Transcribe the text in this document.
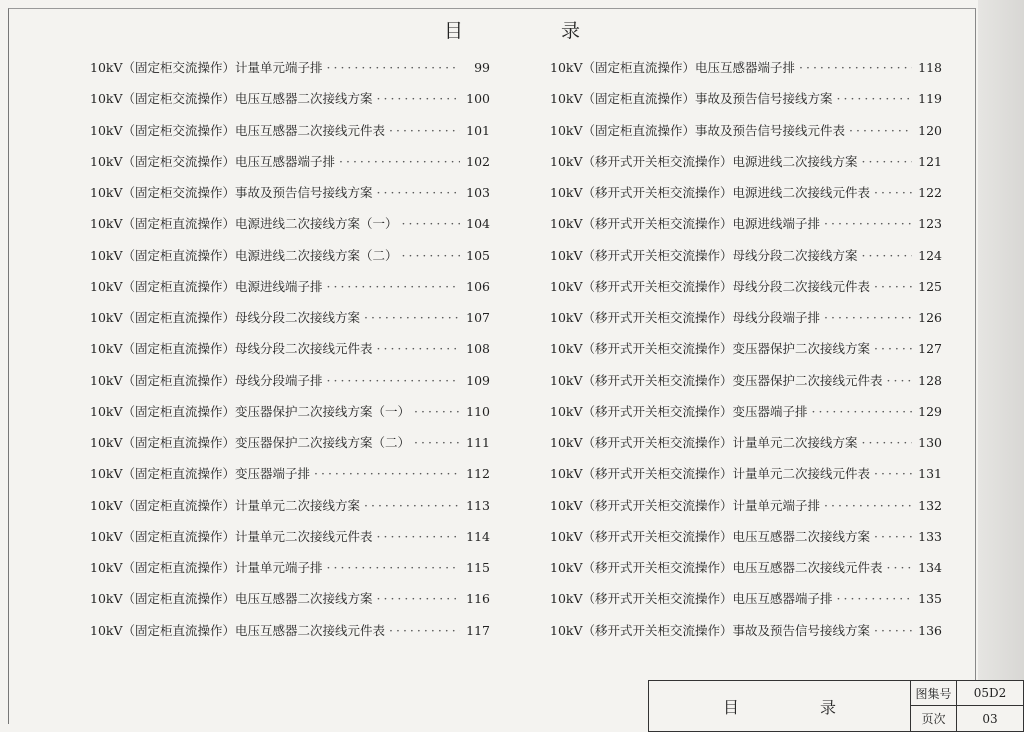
目 录
10kV（固定柜交流操作）计量单元端子排 ·····	99
10kV（固定柜交流操作）电压互感器二次接线方案 ·····	100
10kV（固定柜交流操作）电压互感器二次接线元件表 ·····	101
10kV（固定柜交流操作）电压互感器端子排 ·····	102
10kV（固定柜交流操作）事故及预告信号接线方案 ·····	103
10kV（固定柜直流操作）电源进线二次接线方案（一） ·····	104
10kV（固定柜直流操作）电源进线二次接线方案（二） ·····	105
10kV（固定柜直流操作）电源进线端子排 ·····	106
10kV（固定柜直流操作）母线分段二次接线方案 ·····	107
10kV（固定柜直流操作）母线分段二次接线元件表 ·····	108
10kV（固定柜直流操作）母线分段端子排 ·····	109
10kV（固定柜直流操作）变压器保护二次接线方案（一） ·····	110
10kV（固定柜直流操作）变压器保护二次接线方案（二） ·····	111
10kV（固定柜直流操作）变压器端子排 ·····	112
10kV（固定柜直流操作）计量单元二次接线方案 ·····	113
10kV（固定柜直流操作）计量单元二次接线元件表 ·····	114
10kV（固定柜直流操作）计量单元端子排 ·····	115
10kV（固定柜直流操作）电压互感器二次接线方案 ·····	116
10kV（固定柜直流操作）电压互感器二次接线元件表 ·····	117
10kV（固定柜直流操作）电压互感器端子排 ·····	118
10kV（固定柜直流操作）事故及预告信号接线方案 ·····	119
10kV（固定柜直流操作）事故及预告信号接线元件表 ·····	120
10kV（移开式开关柜交流操作）电源进线二次接线方案 ·····	121
10kV（移开式开关柜交流操作）电源进线二次接线元件表 ·····	122
10kV（移开式开关柜交流操作）电源进线端子排 ·····	123
10kV（移开式开关柜交流操作）母线分段二次接线方案 ·····	124
10kV（移开式开关柜交流操作）母线分段二次接线元件表 ·····	125
10kV（移开式开关柜交流操作）母线分段端子排 ·····	126
10kV（移开式开关柜交流操作）变压器保护二次接线方案 ·····	127
10kV（移开式开关柜交流操作）变压器保护二次接线元件表 ·····	128
10kV（移开式开关柜交流操作）变压器端子排 ·····	129
10kV（移开式开关柜交流操作）计量单元二次接线方案 ·····	130
10kV（移开式开关柜交流操作）计量单元二次接线元件表 ·····	131
10kV（移开式开关柜交流操作）计量单元端子排 ·····	132
10kV（移开式开关柜交流操作）电压互感器二次接线方案 ·····	133
10kV（移开式开关柜交流操作）电压互感器二次接线元件表 ·····	134
10kV（移开式开关柜交流操作）电压互感器端子排 ·····	135
10kV（移开式开关柜交流操作）事故及预告信号接线方案 ·····	136
目 录
图集号	05D2
页次	03
